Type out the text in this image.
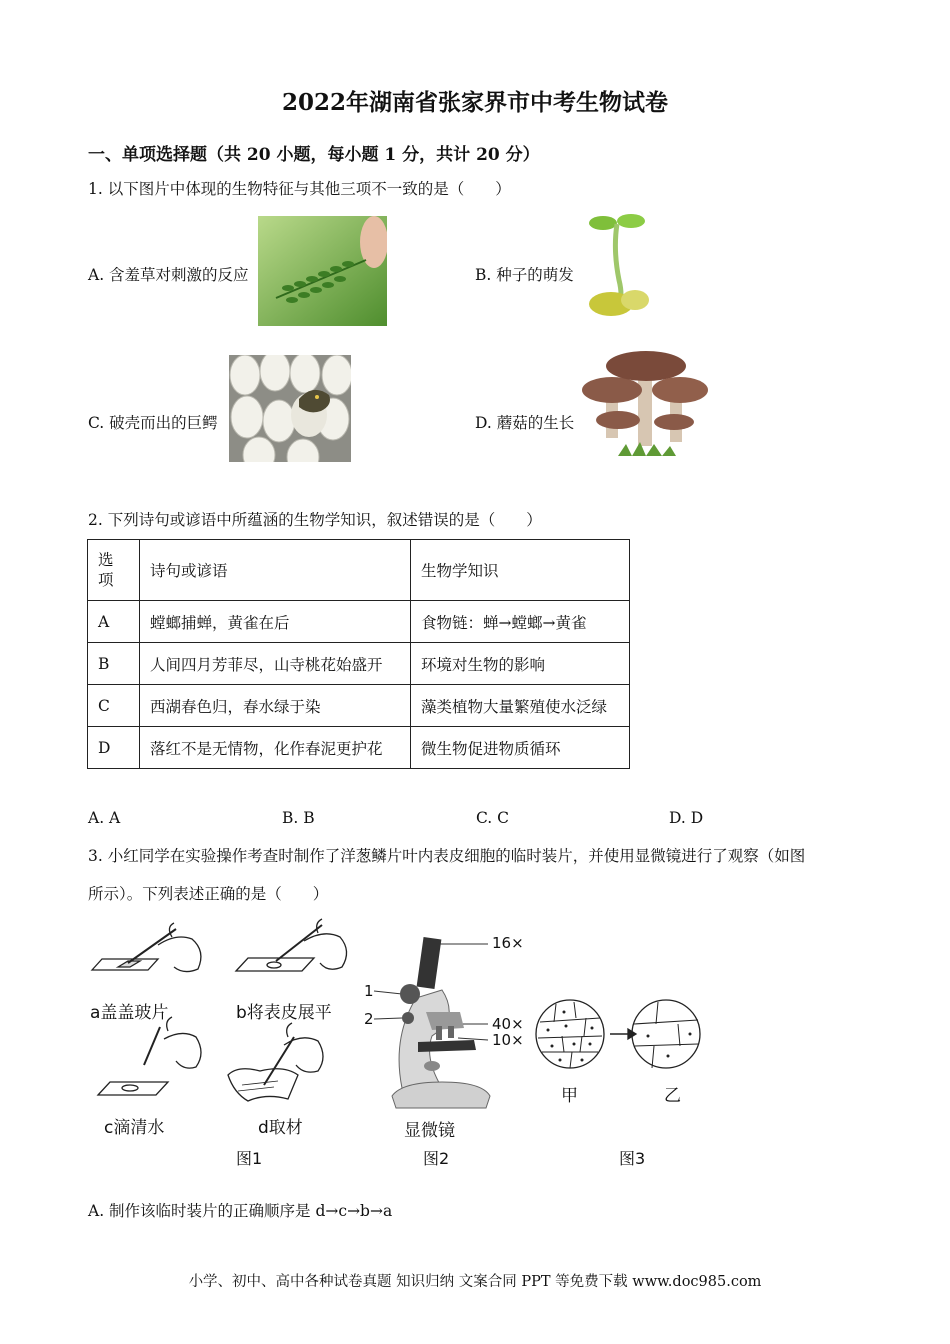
2022年湖南省张家界市中考生物试卷
一、单项选择题（共 20 小题，每小题 1 分，共计 20 分）
1. 以下图片中体现的生物特征与其他三项不一致的是（　　）
A. 含羞草对刺激的反应	B. 种子的萌发
C. 破壳而出的巨鳄	D. 蘑菇的生长
2. 下列诗句或谚语中所蕴涵的生物学知识，叙述错误的是（　　）
选项	诗句或谚语	生物学知识
A	螳螂捕蝉，黄雀在后	食物链：蝉→螳螂→黄雀
B	人间四月芳菲尽，山寺桃花始盛开	环境对生物的影响
C	西湖春色归，春水绿于染	藻类植物大量繁殖使水泛绿
D	落红不是无情物，化作春泥更护花	微生物促进物质循环
A. A	B. B	C. C	D. D
3. 小红同学在实验操作考查时制作了洋葱鳞片叶内表皮细胞的临时装片，并使用显微镜进行了观察（如图
所示）。下列表述正确的是（　　）
a盖盖玻片	b将表皮展平
c滴清水	d取材
图1
16×
1
2	40×
10×
显微镜
图2
甲	乙
图3
A. 制作该临时装片的正确顺序是 d→c→b→a
小学、初中、高中各种试卷真题 知识归纳 文案合同 PPT 等免费下载 www.doc985.com
